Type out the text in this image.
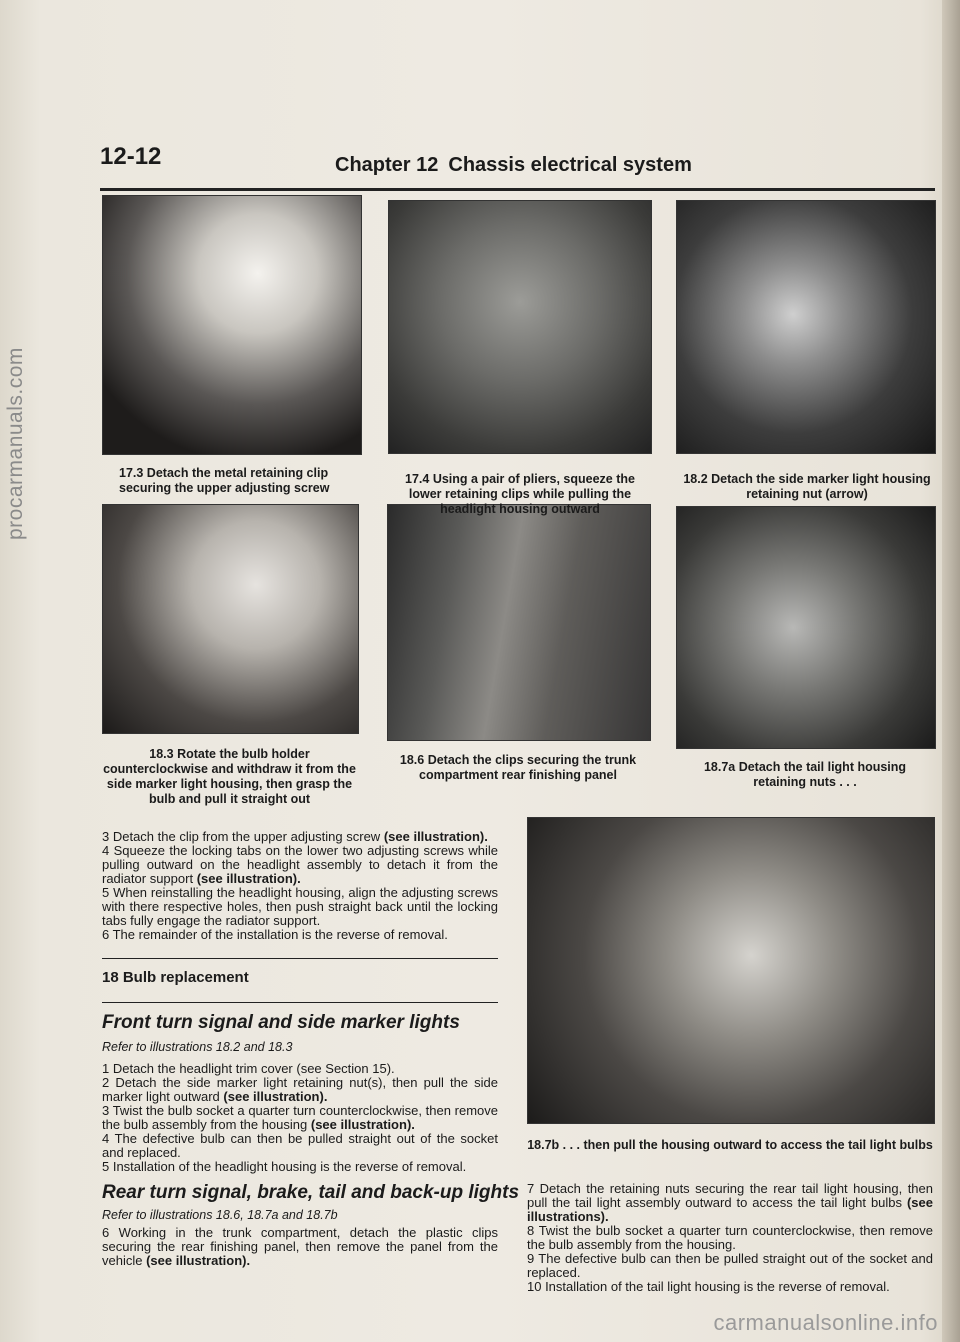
procarmanuals.com
carmanualsonline.info
12-12	Chapter 12 Chassis electrical system
17.3 Detach the metal retaining clip securing the upper adjusting screw
17.4 Using a pair of pliers, squeeze the lower retaining clips while pulling the headlight housing outward
18.2 Detach the side marker light housing retaining nut (arrow)
18.3 Rotate the bulb holder counterclockwise and withdraw it from the side marker light housing, then grasp the bulb and pull it straight out
18.6 Detach the clips securing the trunk compartment rear finishing panel
18.7a Detach the tail light housing retaining nuts . . .
18.7b . . . then pull the housing outward to access the tail light bulbs

3 Detach the clip from the upper adjusting screw (see illustration).

4 Squeeze the locking tabs on the lower two adjusting screws while pulling outward on the headlight assembly to detach it from the radiator support (see illustration).

5 When reinstalling the headlight housing, align the adjusting screws with there respective holes, then push straight back until the locking tabs fully engage the radiator support.

6 The remainder of the installation is the reverse of removal.

18 Bulb replacement
Front turn signal and side marker lights
Refer to illustrations 18.2 and 18.3

1 Detach the headlight trim cover (see Section 15).

2 Detach the side marker light retaining nut(s), then pull the side marker light outward (see illustration).

3 Twist the bulb socket a quarter turn counterclockwise, then remove the bulb assembly from the housing (see illustration).

4 The defective bulb can then be pulled straight out of the socket and replaced.

5 Installation of the headlight housing is the reverse of removal.

Rear turn signal, brake, tail and back-up lights
Refer to illustrations 18.6, 18.7a and 18.7b

6 Working in the trunk compartment, detach the plastic clips securing the rear finishing panel, then remove the panel from the vehicle (see illustration).

7 Detach the retaining nuts securing the rear tail light housing, then pull the tail light assembly outward to access the tail light bulbs (see illustrations).

8 Twist the bulb socket a quarter turn counterclockwise, then remove the bulb assembly from the housing.

9 The defective bulb can then be pulled straight out of the socket and replaced.

10 Installation of the tail light housing is the reverse of removal.
